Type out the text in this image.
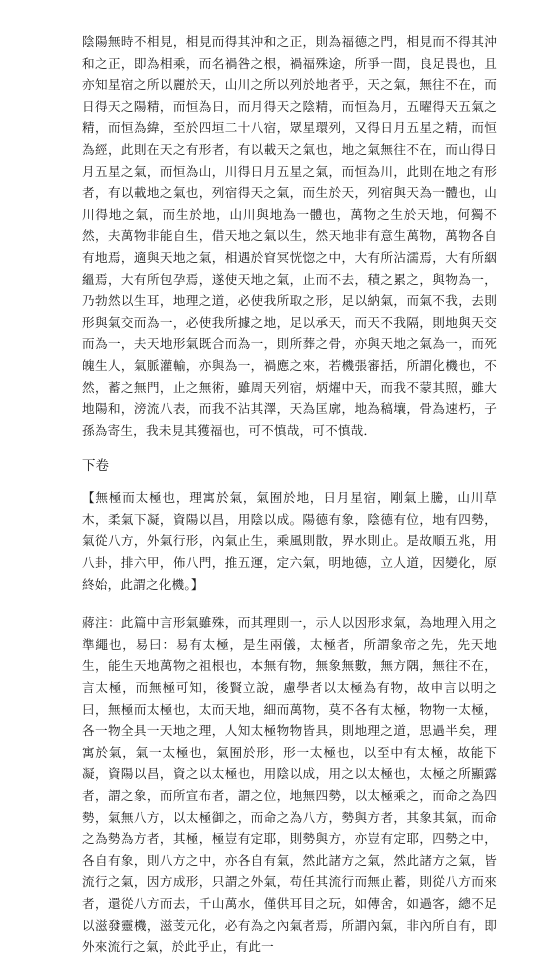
陰陽無時不相見，相見而得其沖和之正，則為福德之門，相見而不得其沖和之正，即為相乘，而名禍咎之根，禍福殊途，所爭一間，良足畏也，且亦知星宿之所以麗於天，山川之所以列於地者乎，天之氣，無往不在，而日得天之陽精，而恒為日，而月得天之陰精，而恒為月，五曜得天五氣之精，而恒為緯，至於四垣二十八宿，眾星環列，又得日月五星之精，而恒為經，此則在天之有形者，有以載天之氣也，地之氣無往不在，而山得日月五星之氣，而恒為山，川得日月五星之氣，而恒為川，此則在地之有形者，有以載地之氣也，列宿得天之氣，而生於天，列宿與天為一體也，山川得地之氣，而生於地，山川與地為一體也，萬物之生於天地，何獨不然，夫萬物非能自生，借天地之氣以生，然天地非有意生萬物，萬物各自有地焉，適與天地之氣，相遇於窅冥恍惚之中，大有所沾濡焉，大有所絪縕焉，大有所包孕焉，遂使天地之氣，止而不去，積之累之，與物為一，乃勃然以生耳，地理之道，必使我所取之形，足以納氣，而氣不我，去則形與氣交而為一，必使我所據之地，足以承天，而天不我隔，則地與天交而為一，夫天地形氣既合而為一，則所葬之骨，亦與天地之氣為一，而死魄生人，氣脈灌輸，亦與為一，禍應之來，若機張審括，所謂化機也，不然，蓄之無門，止之無術，雖周天列宿，炳燿中天，而我不蒙其照，雖大地陽和，滂流八表，而我不沾其澤，天為匡廓，地為稿壤，骨為速朽，子孫為寄生，我未見其獲福也，可不慎哉，可不慎哉．

下卷

【無極而太極也，理寓於氣，氣囿於地，日月星宿，剛氣上騰，山川草木，柔氣下凝，資陽以昌，用陰以成。陽德有象，陰德有位，地有四勢，氣從八方，外氣行形，內氣止生，乘風則散，界水則止。是故順五兆，用八卦，排六甲，佈八門，推五運，定六氣，明地德，立人道，因變化，原終始，此謂之化機。】

蔣注：此篇中言形氣雖殊，而其理則一，示人以因形求氣，為地理入用之準繩也，易曰：易有太極，是生兩儀，太極者，所謂象帝之先，先天地生，能生天地萬物之祖根也，本無有物，無象無數，無方隅，無往不在，言太極，而無極可知，後賢立說，慮學者以太極為有物，故申言以明之曰，無極而太極也，太而天地，細而萬物，莫不各有太極，物物一太極，各一物全具一天地之理，人知太極物物皆具，則地理之道，思過半矣，理寓於氣，氣一太極也，氣囿於形，形一太極也，以至中有太極，故能下凝，資陽以昌，資之以太極也，用陰以成，用之以太極也，太極之所顯露者，謂之象，而所宣布者，謂之位，地無四勢，以太極乘之，而命之為四勢，氣無八方，以太極御之，而命之為八方，勢與方者，其象其氣，而命之為勢為方者，其極，極豈有定耶，則勢與方，亦豈有定耶，四勢之中，各自有象，則八方之中，亦各自有氣，然此諸方之氣，然此諸方之氣，皆流行之氣，因方成形，只謂之外氣，苟任其流行而無止蓄，則從八方而來者，還從八方而去，千山萬水，僅供耳目之玩，如傳舍，如過客，總不足以滋發靈機，滋芰元化，必有為之內氣者焉，所謂內氣，非內所自有，即外來流行之氣，於此乎止，有此一
